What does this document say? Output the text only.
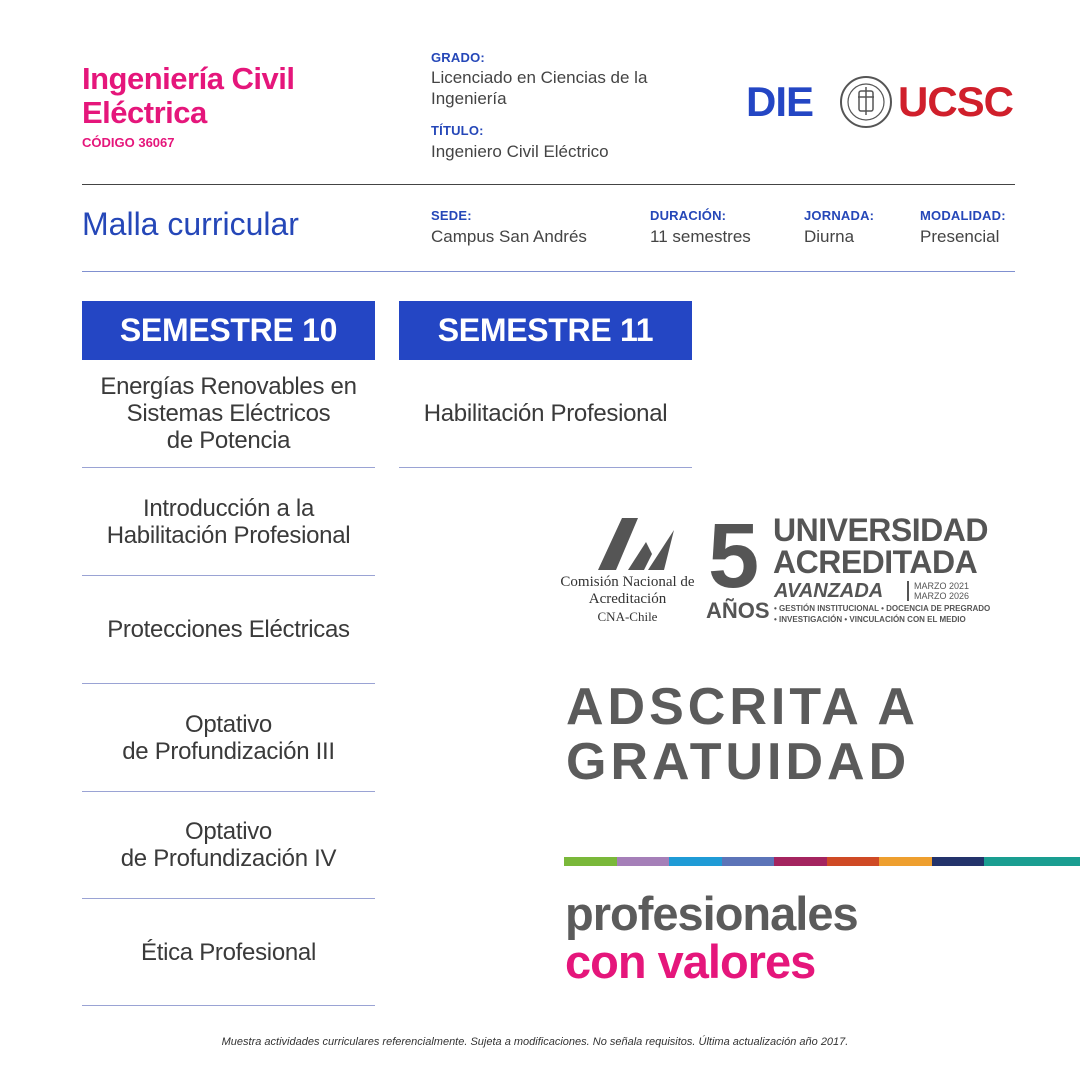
Ingeniería Civil Eléctrica
CÓDIGO 36067
GRADO:
Licenciado en Ciencias de la Ingeniería
TÍTULO:
Ingeniero Civil Eléctrico
DIE UCSC
Malla curricular	SEDE:
Campus San Andrés
DURACIÓN:
11 semestres
JORNADA:
Diurna
MODALIDAD:
Presencial
SEMESTRE 10
Energías Renovables en
Sistemas Eléctricos
de Potencia
Introducción a la
Habilitación Profesional
Protecciones Eléctricas
Optativo
de Profundización III
Optativo
de Profundización IV
Ética Profesional
SEMESTRE 11
Habilitación Profesional
Comisión Nacional de Acreditación
CNA-Chile
5
AÑOS
UNIVERSIDAD
ACREDITADA
AVANZADA	MARZO 2021
MARZO 2026
• GESTIÓN INSTITUCIONAL • DOCENCIA DE PREGRADO
• INVESTIGACIÓN • VINCULACIÓN CON EL MEDIO
ADSCRITA A
GRATUIDAD
profesionales
con valores
Muestra actividades curriculares referencialmente. Sujeta a modificaciones. No señala requisitos. Última actualización año 2017.
